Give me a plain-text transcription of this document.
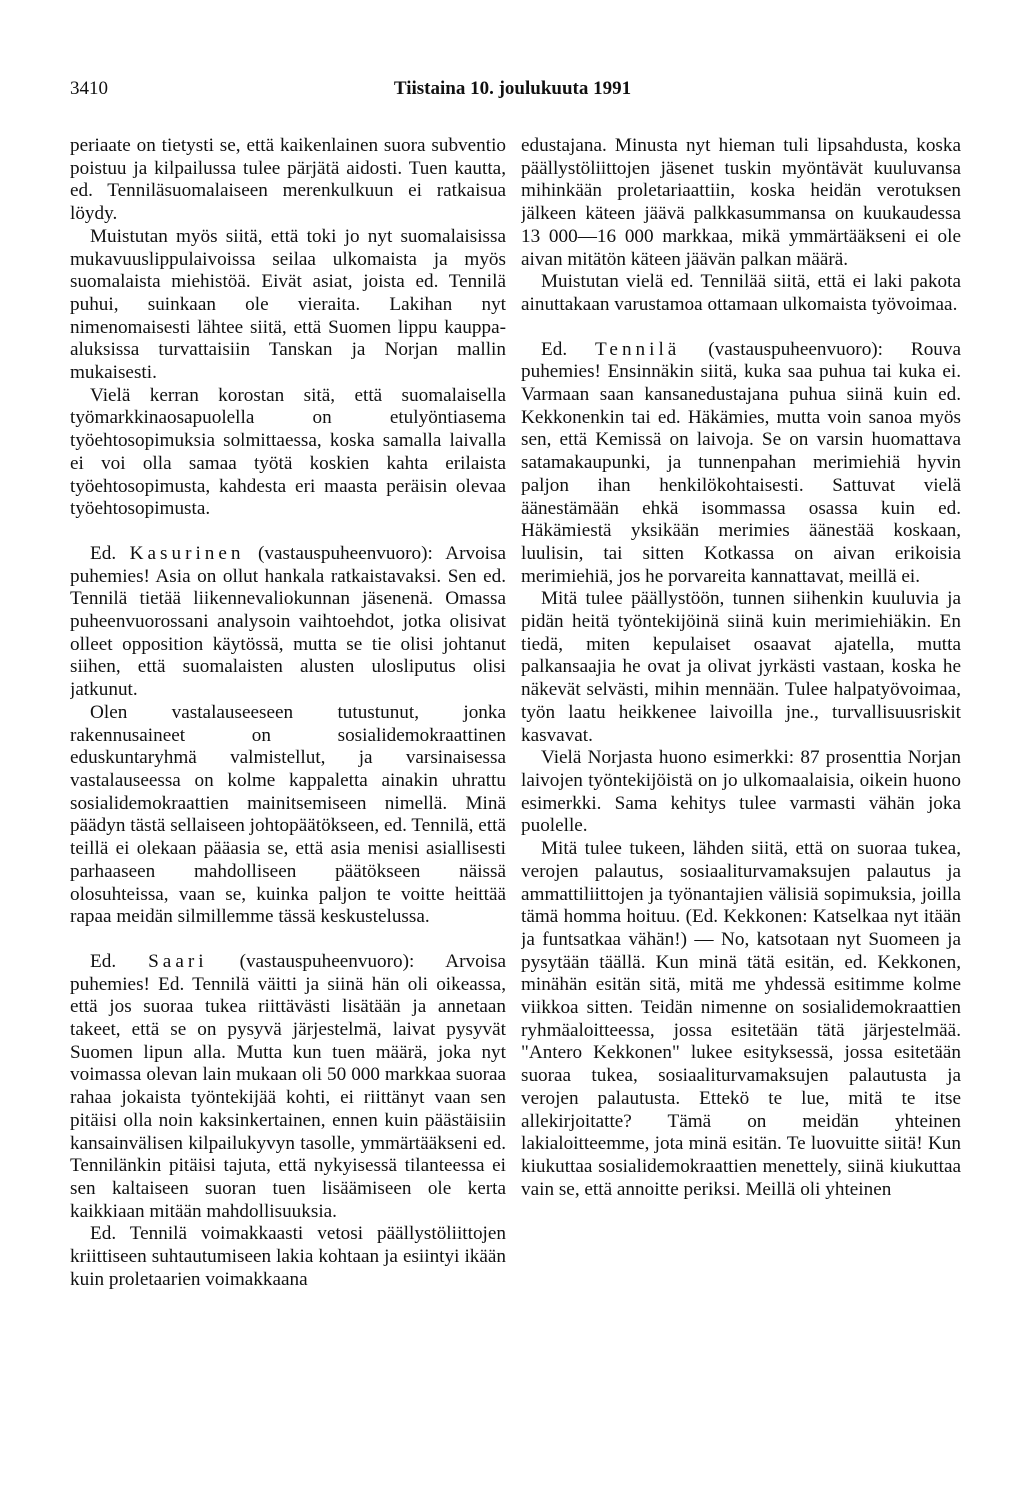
3410	Tiistaina 10. joulukuuta 1991

periaate on tietysti se, että kaikenlainen suora subventio poistuu ja kilpailussa tulee pärjätä aidosti. Tuen kautta, ed. Tenniläsuomalaiseen merenkulkuun ei ratkaisua löydy.

Muistutan myös siitä, että toki jo nyt suomalaisissa mukavuuslippulaivoissa seilaa ulkomaista ja myös suomalaista miehistöä. Eivät asiat, joista ed. Tennilä puhui, suinkaan ole vieraita. Lakihan nyt nimenomaisesti lähtee siitä, että Suomen lippu kauppa-aluksissa turvattaisiin Tanskan ja Norjan mallin mukaisesti.

Vielä kerran korostan sitä, että suomalaisella työmarkkinaosapuolella on etulyöntiasema työehtosopimuksia solmittaessa, koska samalla laivalla ei voi olla samaa työtä koskien kahta erilaista työehtosopimusta, kahdesta eri maasta peräisin olevaa työehtosopimusta.

Ed. Kasurinen (vastauspuheenvuoro): Arvoisa puhemies! Asia on ollut hankala ratkaistavaksi. Sen ed. Tennilä tietää liikennevaliokunnan jäsenenä. Omassa puheenvuorossani analysoin vaihtoehdot, jotka olisivat olleet opposition käytössä, mutta se tie olisi johtanut siihen, että suomalaisten alusten ulosliputus olisi jatkunut.

Olen vastalauseeseen tutustunut, jonka rakennusaineet on sosialidemokraattinen eduskuntaryhmä valmistellut, ja varsinaisessa vastalauseessa on kolme kappaletta ainakin uhrattu sosialidemokraattien mainitsemiseen nimellä. Minä päädyn tästä sellaiseen johtopäätökseen, ed. Tennilä, että teillä ei olekaan pääasia se, että asia menisi asiallisesti parhaaseen mahdolliseen päätökseen näissä olosuhteissa, vaan se, kuinka paljon te voitte heittää rapaa meidän silmillemme tässä keskustelussa.

Ed. Saari (vastauspuheenvuoro): Arvoisa puhemies! Ed. Tennilä väitti ja siinä hän oli oikeassa, että jos suoraa tukea riittävästi lisätään ja annetaan takeet, että se on pysyvä järjestelmä, laivat pysyvät Suomen lipun alla. Mutta kun tuen määrä, joka nyt voimassa olevan lain mukaan oli 50 000 markkaa suoraa rahaa jokaista työntekijää kohti, ei riittänyt vaan sen pitäisi olla noin kaksinkertainen, ennen kuin päästäisiin kansainvälisen kilpailukyvyn tasolle, ymmärtääkseni ed. Tennilänkin pitäisi tajuta, että nykyisessä tilanteessa ei sen kaltaiseen suoran tuen lisäämiseen ole kerta kaikkiaan mitään mahdollisuuksia.

Ed. Tennilä voimakkaasti vetosi päällystöliittojen kriittiseen suhtautumiseen lakia kohtaan ja esiintyi ikään kuin proletaarien voimakkaana

edustajana. Minusta nyt hieman tuli lipsahdusta, koska päällystöliittojen jäsenet tuskin myöntävät kuuluvansa mihinkään proletariaattiin, koska heidän verotuksen jälkeen käteen jäävä palkkasummansa on kuukaudessa 13 000—16 000 markkaa, mikä ymmärtääkseni ei ole aivan mitätön käteen jäävän palkan määrä.

Muistutan vielä ed. Tennilää siitä, että ei laki pakota ainuttakaan varustamoa ottamaan ulkomaista työvoimaa.

Ed. Tennilä (vastauspuheenvuoro): Rouva puhemies! Ensinnäkin siitä, kuka saa puhua tai kuka ei. Varmaan saan kansanedustajana puhua siinä kuin ed. Kekkonenkin tai ed. Häkämies, mutta voin sanoa myös sen, että Kemissä on laivoja. Se on varsin huomattava satamakaupunki, ja tunnenpahan merimiehiä hyvin paljon ihan henkilökohtaisesti. Sattuvat vielä äänestämään ehkä isommassa osassa kuin ed. Häkämiestä yksikään merimies äänestää koskaan, luulisin, tai sitten Kotkassa on aivan erikoisia merimiehiä, jos he porvareita kannattavat, meillä ei.

Mitä tulee päällystöön, tunnen siihenkin kuuluvia ja pidän heitä työntekijöinä siinä kuin merimiehiäkin. En tiedä, miten kepulaiset osaavat ajatella, mutta palkansaajia he ovat ja olivat jyrkästi vastaan, koska he näkevät selvästi, mihin mennään. Tulee halpatyövoimaa, työn laatu heikkenee laivoilla jne., turvallisuusriskit kasvavat.

Vielä Norjasta huono esimerkki: 87 prosenttia Norjan laivojen työntekijöistä on jo ulkomaalaisia, oikein huono esimerkki. Sama kehitys tulee varmasti vähän joka puolelle.

Mitä tulee tukeen, lähden siitä, että on suoraa tukea, verojen palautus, sosiaaliturvamaksujen palautus ja ammattiliittojen ja työnantajien välisiä sopimuksia, joilla tämä homma hoituu. (Ed. Kekkonen: Katselkaa nyt itään ja funtsatkaa vähän!) — No, katsotaan nyt Suomeen ja pysytään täällä. Kun minä tätä esitän, ed. Kekkonen, minähän esitän sitä, mitä me yhdessä esitimme kolme viikkoa sitten. Teidän nimenne on sosialidemokraattien ryhmäaloitteessa, jossa esitetään tätä järjestelmää. "Antero Kekkonen" lukee esityksessä, jossa esitetään suoraa tukea, sosiaaliturvamaksujen palautusta ja verojen palautusta. Ettekö te lue, mitä te itse allekirjoitatte? Tämä on meidän yhteinen lakialoitteemme, jota minä esitän. Te luovuitte siitä! Kun kiukuttaa sosialidemokraattien menettely, siinä kiukuttaa vain se, että annoitte periksi. Meillä oli yhteinen
